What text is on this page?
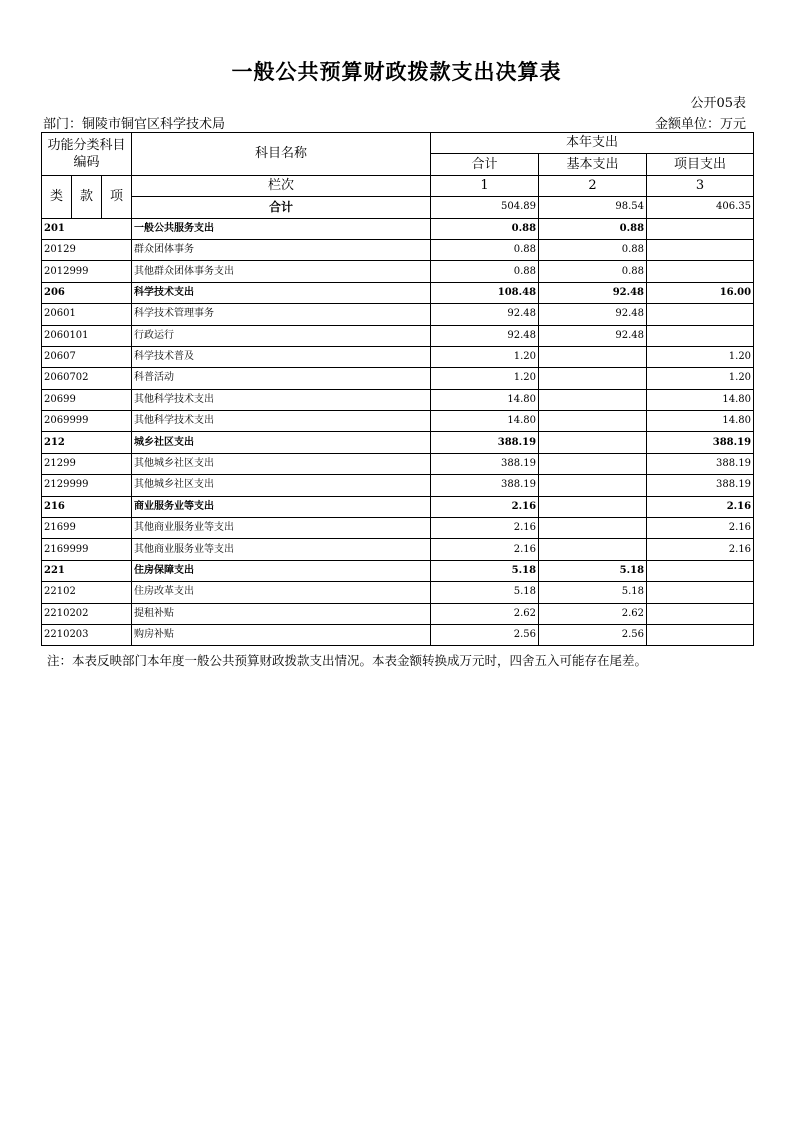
一般公共预算财政拨款支出决算表
公开05表
部门：铜陵市铜官区科学技术局	金额单位：万元
功能分类科目编码			科目名称	本年支出		
				合计	基本支出	项目支出
类	款	项	栏次	1	2	3
			合计	504.89	98.54	406.35
201			一般公共服务支出	0.88	0.88	
20129			群众团体事务	0.88	0.88	
2012999			其他群众团体事务支出	0.88	0.88	
206			科学技术支出	108.48	92.48	16.00
20601			科学技术管理事务	92.48	92.48	
2060101			行政运行	92.48	92.48	
20607			科学技术普及	1.20		1.20
2060702			科普活动	1.20		1.20
20699			其他科学技术支出	14.80		14.80
2069999			其他科学技术支出	14.80		14.80
212			城乡社区支出	388.19		388.19
21299			其他城乡社区支出	388.19		388.19
2129999			其他城乡社区支出	388.19		388.19
216			商业服务业等支出	2.16		2.16
21699			其他商业服务业等支出	2.16		2.16
2169999			其他商业服务业等支出	2.16		2.16
221			住房保障支出	5.18	5.18	
22102			住房改革支出	5.18	5.18	
2210202			提租补贴	2.62	2.62	
2210203			购房补贴	2.56	2.56	
注：本表反映部门本年度一般公共预算财政拨款支出情况。本表金额转换成万元时，四舍五入可能存在尾差。
